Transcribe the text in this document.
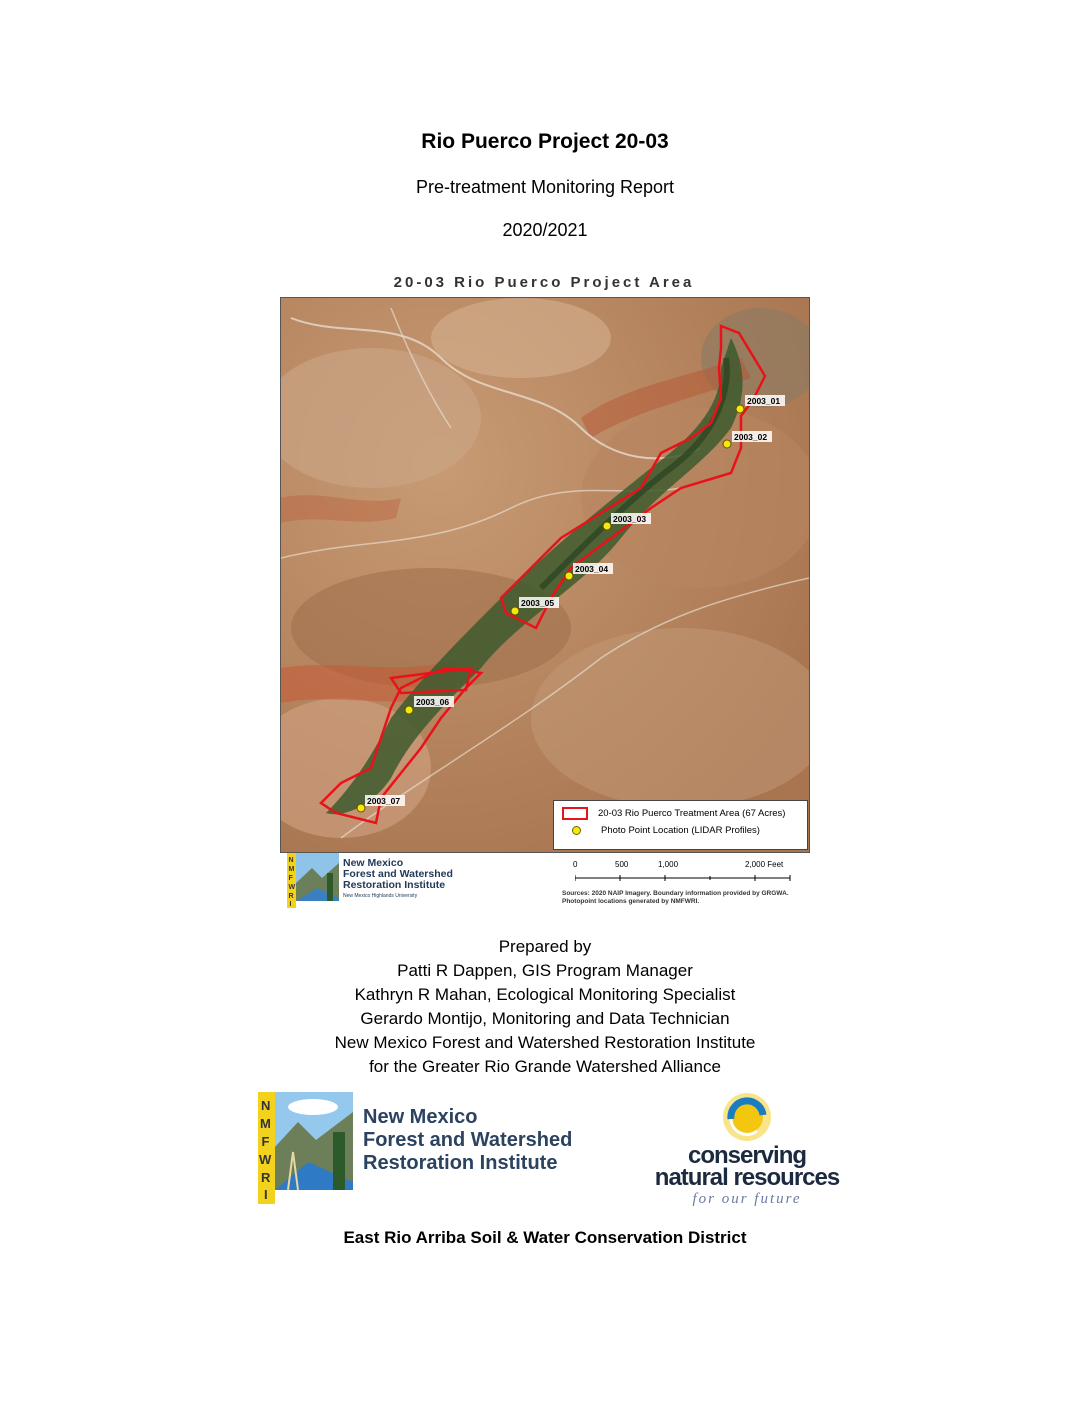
Rio Puerco Project 20-03
Pre-treatment Monitoring Report
2020/2021
20-03 Rio Puerco Project Area
2003_01
2003_02
2003_03
2003_04
2003_05
2003_06
2003_07
20-03 Rio Puerco Treatment Area (67 Acres)
Photo Point Location (LIDAR Profiles)
N
M
F
W
R
I
New Mexico
Forest and Watershed
Restoration Institute
New Mexico Highlands University
0	500	1,000	2,000 Feet
Sources: 2020 NAIP Imagery. Boundary information provided by GRGWA.
Photopoint locations generated by NMFWRI.
Prepared by
Patti R Dappen, GIS Program Manager
Kathryn R Mahan, Ecological Monitoring Specialist
Gerardo Montijo, Monitoring and Data Technician
New Mexico Forest and Watershed Restoration Institute
for the Greater Rio Grande Watershed Alliance
N
M
F
W
R
I
New Mexico
Forest and Watershed
Restoration Institute	conserving
natural resources
for our future
East Rio Arriba Soil & Water Conservation District
